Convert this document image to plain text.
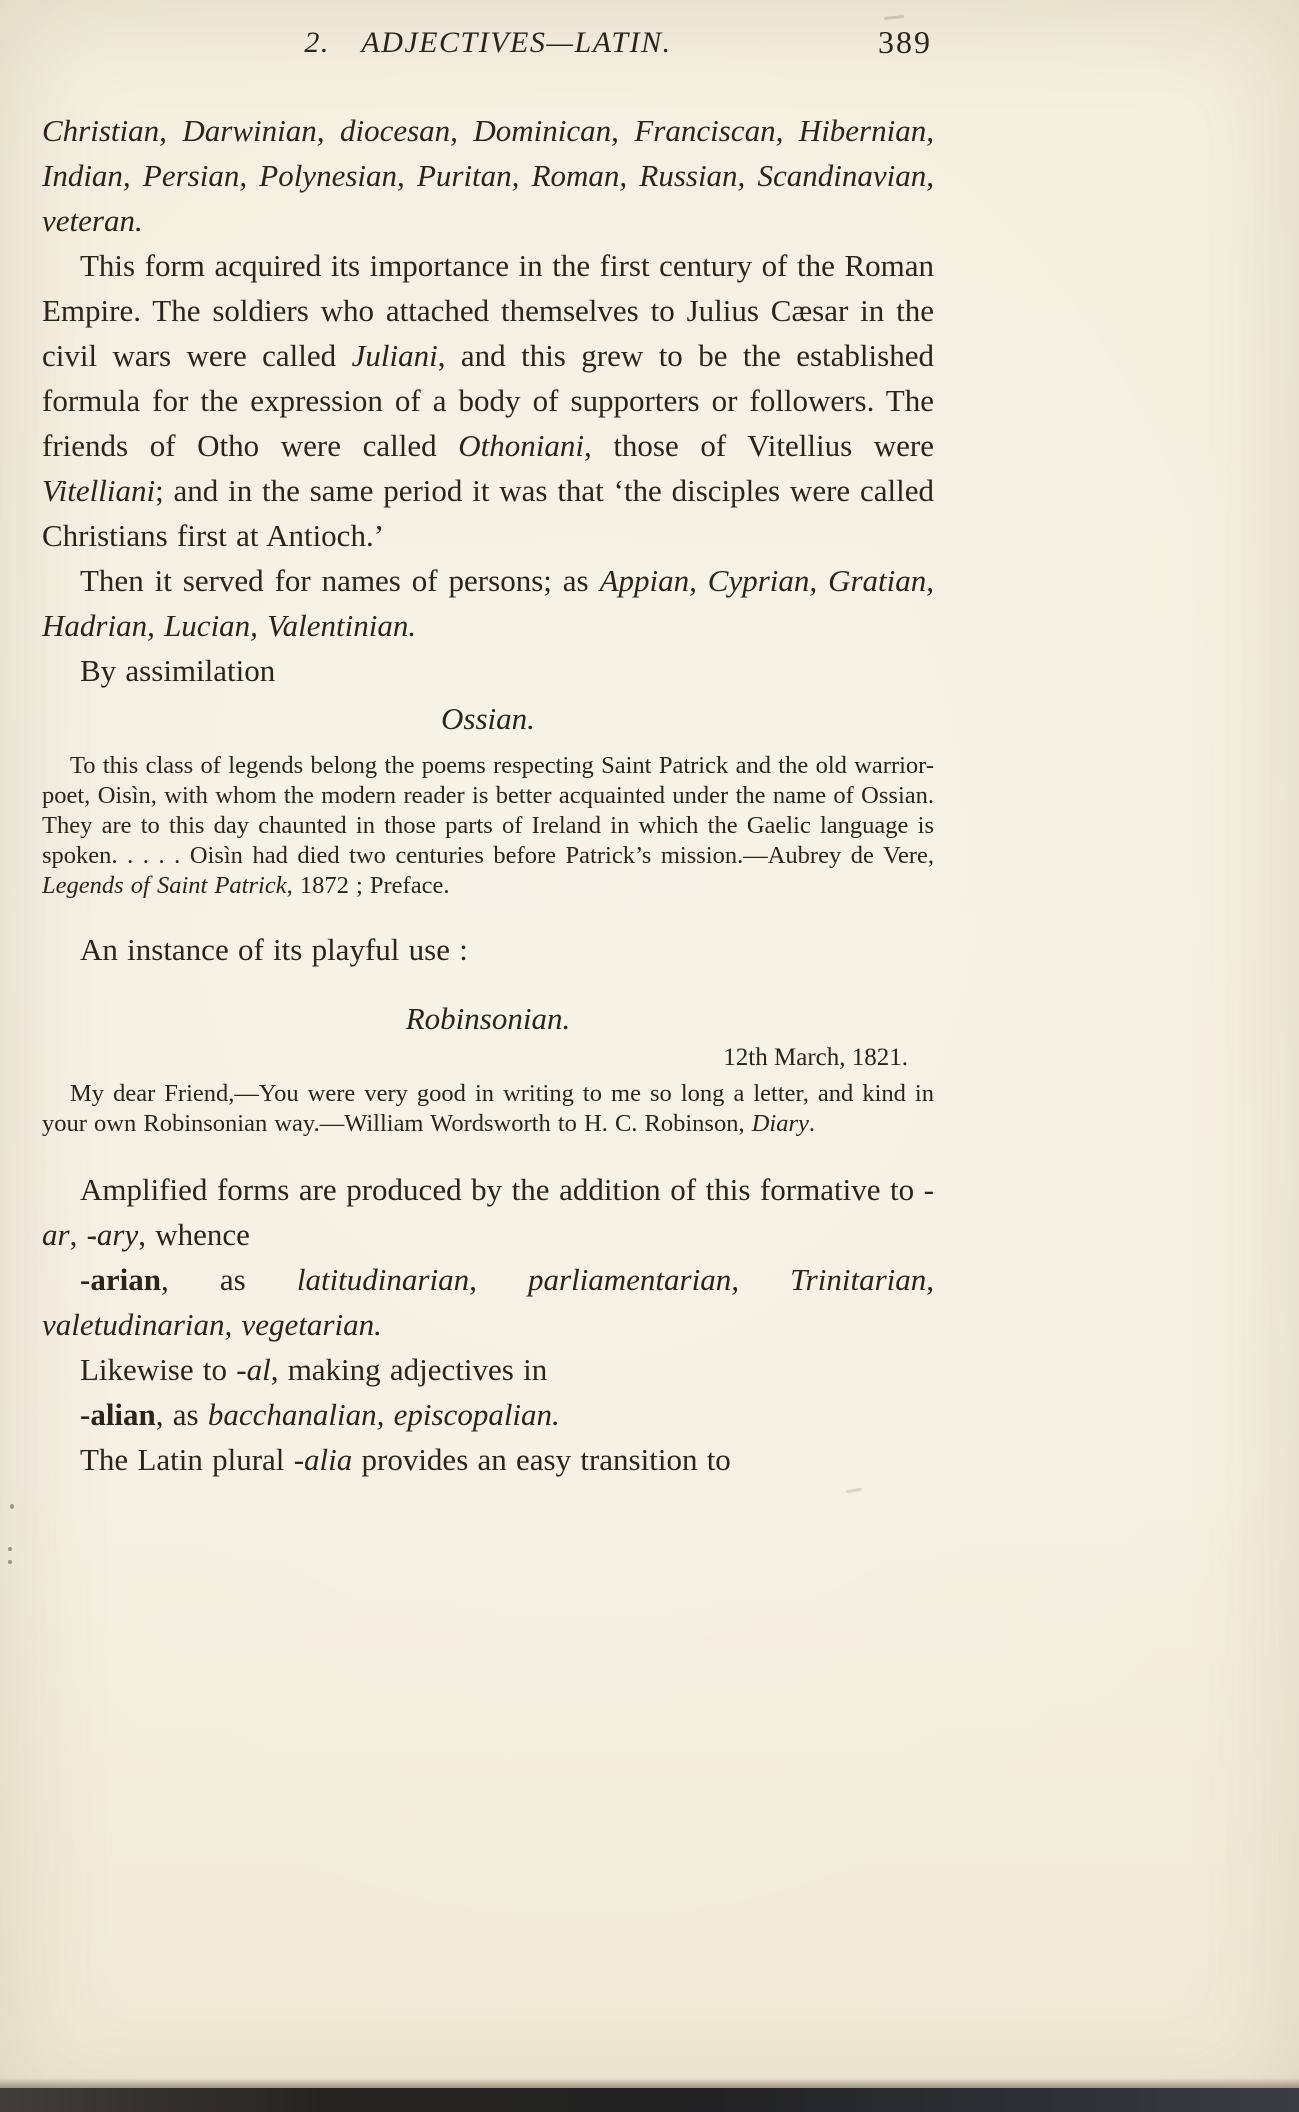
2. ADJECTIVES—LATIN.	389

Christian, Darwinian, diocesan, Dominican, Franciscan, Hibernian, Indian, Persian, Polynesian, Puritan, Roman, Russian, Scandinavian, veteran.

This form acquired its importance in the first century of the Roman Empire. The soldiers who attached themselves to Julius Cæsar in the civil wars were called Juliani, and this grew to be the established formula for the expression of a body of supporters or followers. The friends of Otho were called Othoniani, those of Vitellius were Vitelliani; and in the same period it was that ‘the disciples were called Christians first at Antioch.’

Then it served for names of persons; as Appian, Cyprian, Gratian, Hadrian, Lucian, Valentinian.

By assimilation

Ossian.

To this class of legends belong the poems respecting Saint Patrick and the old warrior-poet, Oisìn, with whom the modern reader is better acquainted under the name of Ossian. They are to this day chaunted in those parts of Ireland in which the Gaelic language is spoken. . . . . Oisìn had died two centuries before Patrick’s mission.—Aubrey de Vere, Legends of Saint Patrick, 1872 ; Preface.

An instance of its playful use :

Robinsonian.

12th March, 1821.

My dear Friend,—You were very good in writing to me so long a letter, and kind in your own Robinsonian way.—William Wordsworth to H. C. Robinson, Diary.

Amplified forms are produced by the addition of this formative to -ar, -ary, whence

-arian, as latitudinarian, parliamentarian, Trinitarian, valetudinarian, vegetarian.

Likewise to -al, making adjectives in

-alian, as bacchanalian, episcopalian.

The Latin plural -alia provides an easy transition to
